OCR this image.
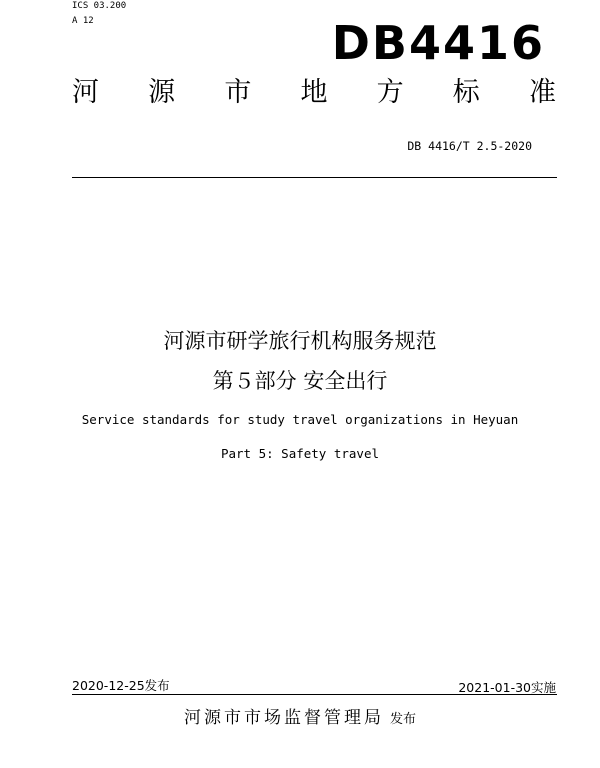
ICS 03.200
A 12	DB4416
河 源 市 地 方 标 准
DB 4416/T 2.5-2020
河源市研学旅行机构服务规范
第５部分 安全出行
Service standards for study travel organizations in Heyuan
Part 5: Safety travel
2020-12-25发布	2021-01-30实施
河源市市场监督管理局 发布
